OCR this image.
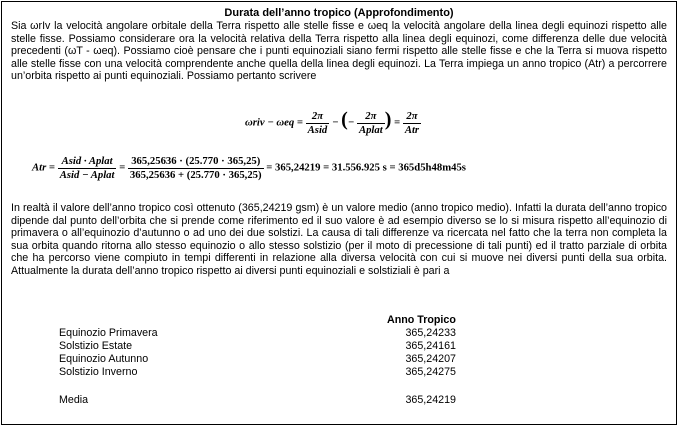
Durata dell’anno tropico (Approfondimento)
Sia ωrIv la velocità angolare orbitale della Terra rispetto alle stelle fisse e ωeq la velocità angolare della linea degli equinozi rispetto alle stelle fisse. Possiamo considerare ora la velocità relativa della Terra rispetto alla linea degli equinozi, come differenza delle due velocità precedenti (ωT - ωeq). Possiamo cioè pensare che i punti equinoziali siano fermi rispetto alle stelle fisse e che la Terra si muova rispetto alle stelle fisse con una velocità comprendente anche quella della linea degli equinozi. La Terra impiega un anno tropico (Atr) a percorrere un’orbita rispetto ai punti equinoziali. Possiamo pertanto scrivere
$\omega riv - \omega eq = \frac{2\pi}{\text{Asid}}$ − (− $\frac{2\pi}{\text{Aplat}}$ ) = $\frac{2\pi}{\text{Atr}}$
Atr = $\frac{\text{Asid · Aplat}}{\text{Asid − Aplat}} = \frac{365,25636 \cdot (25.770 \cdot 365,25)}{365,25636 + (25.770 \cdot 365,25)} = 365,24219 = 31.556.925$ s = 365d5h48m45s
In realtà il valore dell’anno tropico così ottenuto (365,24219 gsm) è un valore medio (anno tropico medio). Infatti la durata dell’anno tropico dipende dal punto dell’orbita che si prende come riferimento ed il suo valore è ad esempio diverso se lo si misura rispetto all’equinozio di primavera o all’equinozio d’autunno o ad uno dei due solstizi. La causa di tali differenze va ricercata nel fatto che la terra non completa la sua orbita quando ritorna allo stesso equinozio o allo stesso solstizio (per il moto di precessione di tali punti) ed il tratto parziale di orbita che ha percorso viene compiuto in tempi differenti in relazione alla diversa velocità con cui si muove nei diversi punti della sua orbita. Attualmente la durata dell’anno tropico rispetto ai diversi punti equinoziali e solstiziali è pari a
Anno Tropico
Equinozio Primavera	365,24233
Solstizio Estate	365,24161
Equinozio Autunno	365,24207
Solstizio Inverno	365,24275
Media	365,24219
